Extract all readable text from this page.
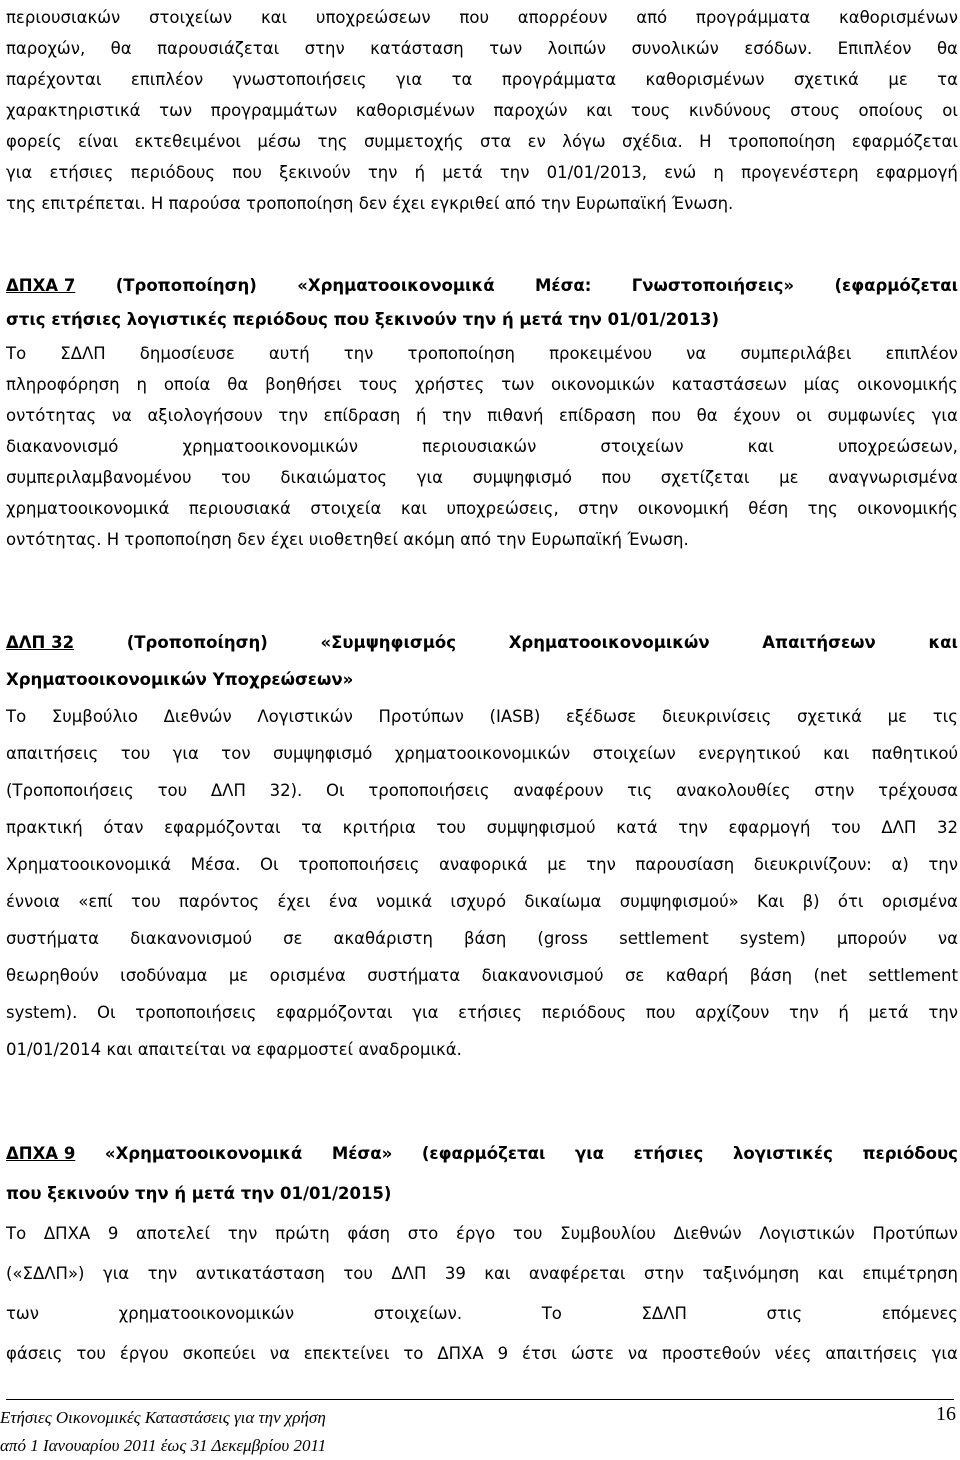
περιουσιακών στοιχείων και υποχρεώσεων που απορρέουν από προγράμματα καθορισμένων
παροχών, θα παρουσιάζεται στην κατάσταση των λοιπών συνολικών εσόδων. Επιπλέον θα
παρέχονται επιπλέον γνωστοποιήσεις για τα προγράμματα καθορισμένων σχετικά με τα
χαρακτηριστικά των προγραμμάτων καθορισμένων παροχών και τους κινδύνους στους οποίους οι
φορείς είναι εκτεθειμένοι μέσω της συμμετοχής στα εν λόγω σχέδια. Η τροποποίηση εφαρμόζεται
για ετήσιες περιόδους που ξεκινούν την ή μετά την 01/01/2013, ενώ η προγενέστερη εφαρμογή
της επιτρέπεται. Η παρούσα τροποποίηση δεν έχει εγκριθεί από την Ευρωπαϊκή Ένωση.
ΔΠΧΑ 7 (Τροποποίηση) «Χρηματοοικονομικά Μέσα: Γνωστοποιήσεις» (εφαρμόζεται
στις ετήσιες λογιστικές περιόδους που ξεκινούν την ή μετά την 01/01/2013)
Το ΣΔΛΠ δημοσίευσε αυτή την τροποποίηση προκειμένου να συμπεριλάβει επιπλέον
πληροφόρηση η οποία θα βοηθήσει τους χρήστες των οικονομικών καταστάσεων μίας οικονομικής
οντότητας να αξιολογήσουν την επίδραση ή την πιθανή επίδραση που θα έχουν οι συμφωνίες για
διακανονισμό	χρηματοοικονομικών	περιουσιακών	στοιχείων	και	υποχρεώσεων,
συμπεριλαμβανομένου του δικαιώματος για συμψηφισμό που σχετίζεται με αναγνωρισμένα
χρηματοοικονομικά περιουσιακά στοιχεία και υποχρεώσεις, στην οικονομική θέση της οικονομικής
οντότητας. Η τροποποίηση δεν έχει υιοθετηθεί ακόμη από την Ευρωπαϊκή Ένωση.
ΔΛΠ 32	(Τροποποίηση)	«Συμψηφισμός	Χρηματοοικονομικών	Απαιτήσεων	και
Χρηματοοικονομικών Υποχρεώσεων»
Το Συμβούλιο Διεθνών Λογιστικών Προτύπων (IASB) εξέδωσε διευκρινίσεις σχετικά με τις
απαιτήσεις του για τον συμψηφισμό χρηματοοικονομικών στοιχείων ενεργητικού και παθητικού
(Τροποποιήσεις του ΔΛΠ 32). Οι τροποποιήσεις αναφέρουν τις ανακολουθίες στην τρέχουσα
πρακτική όταν εφαρμόζονται τα κριτήρια του συμψηφισμού κατά την εφαρμογή του ΔΛΠ 32
Χρηματοοικονομικά Μέσα. Οι τροποποιήσεις αναφορικά με την παρουσίαση διευκρινίζουν: α) την
έννοια «επί του παρόντος έχει ένα νομικά ισχυρό δικαίωμα συμψηφισμού» Και β) ότι ορισμένα
συστήματα διακανονισμού σε ακαθάριστη βάση (gross settlement system) μπορούν να
θεωρηθούν ισοδύναμα με ορισμένα συστήματα διακανονισμού σε καθαρή βάση (net settlement
system). Οι τροποποιήσεις εφαρμόζονται για ετήσιες περιόδους που αρχίζουν την ή μετά την
01/01/2014 και απαιτείται να εφαρμοστεί αναδρομικά.
ΔΠΧΑ 9 «Χρηματοοικονομικά Μέσα» (εφαρμόζεται για ετήσιες λογιστικές περιόδους
που ξεκινούν την ή μετά την 01/01/2015)
Το ΔΠΧΑ 9 αποτελεί την πρώτη φάση στο έργο του Συμβουλίου Διεθνών Λογιστικών Προτύπων
(«ΣΔΛΠ») για την αντικατάσταση του ΔΛΠ 39 και αναφέρεται στην ταξινόμηση και επιμέτρηση
των	χρηματοοικονομικών	στοιχείων.	Το	ΣΔΛΠ	στις	επόμενες
φάσεις του έργου σκοπεύει να επεκτείνει το ΔΠΧΑ 9 έτσι ώστε να προστεθούν νέες απαιτήσεις για
Ετήσιες Οικονομικές Καταστάσεις για την χρήση
από 1 Ιανουαρίου 2011 έως 31 Δεκεμβρίου 2011
16
